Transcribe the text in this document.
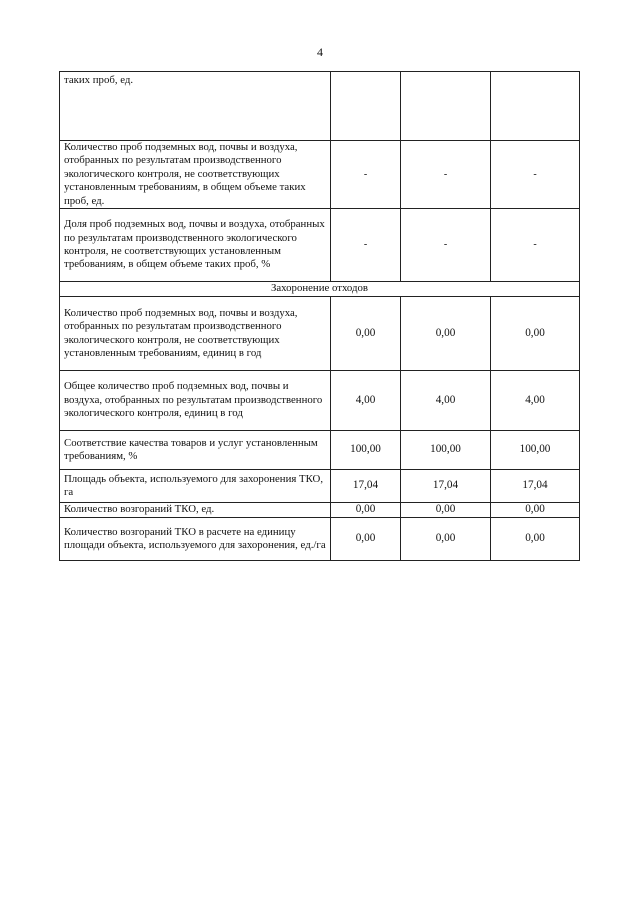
4
таких проб, ед.			
Количество проб подземных вод, почвы и воздуха, отобранных по результатам производственного экологического контроля, не соответствующих установленным требованиям, в общем объеме таких проб, ед.	-	-	-
Доля проб подземных вод, почвы и воздуха, отобранных по результатам производственного экологического контроля, не соответствующих установленным требованиям, в общем объеме таких проб, %	-	-	-
Захоронение отходов			
Количество проб подземных вод, почвы и воздуха, отобранных по результатам производственного экологического контроля, не соответствующих установленным требованиям, единиц в год	0,00	0,00	0,00
Общее количество проб подземных вод, почвы и воздуха, отобранных по результатам производственного экологического контроля, единиц в год	4,00	4,00	4,00
Соответствие качества товаров и услуг установленным требованиям, %	100,00	100,00	100,00
Площадь объекта, используемого для захоронения ТКО, га	17,04	17,04	17,04
Количество возгораний ТКО, ед.	0,00	0,00	0,00
Количество возгораний ТКО в расчете на единицу площади объекта, используемого для захоронения, ед./га	0,00	0,00	0,00
